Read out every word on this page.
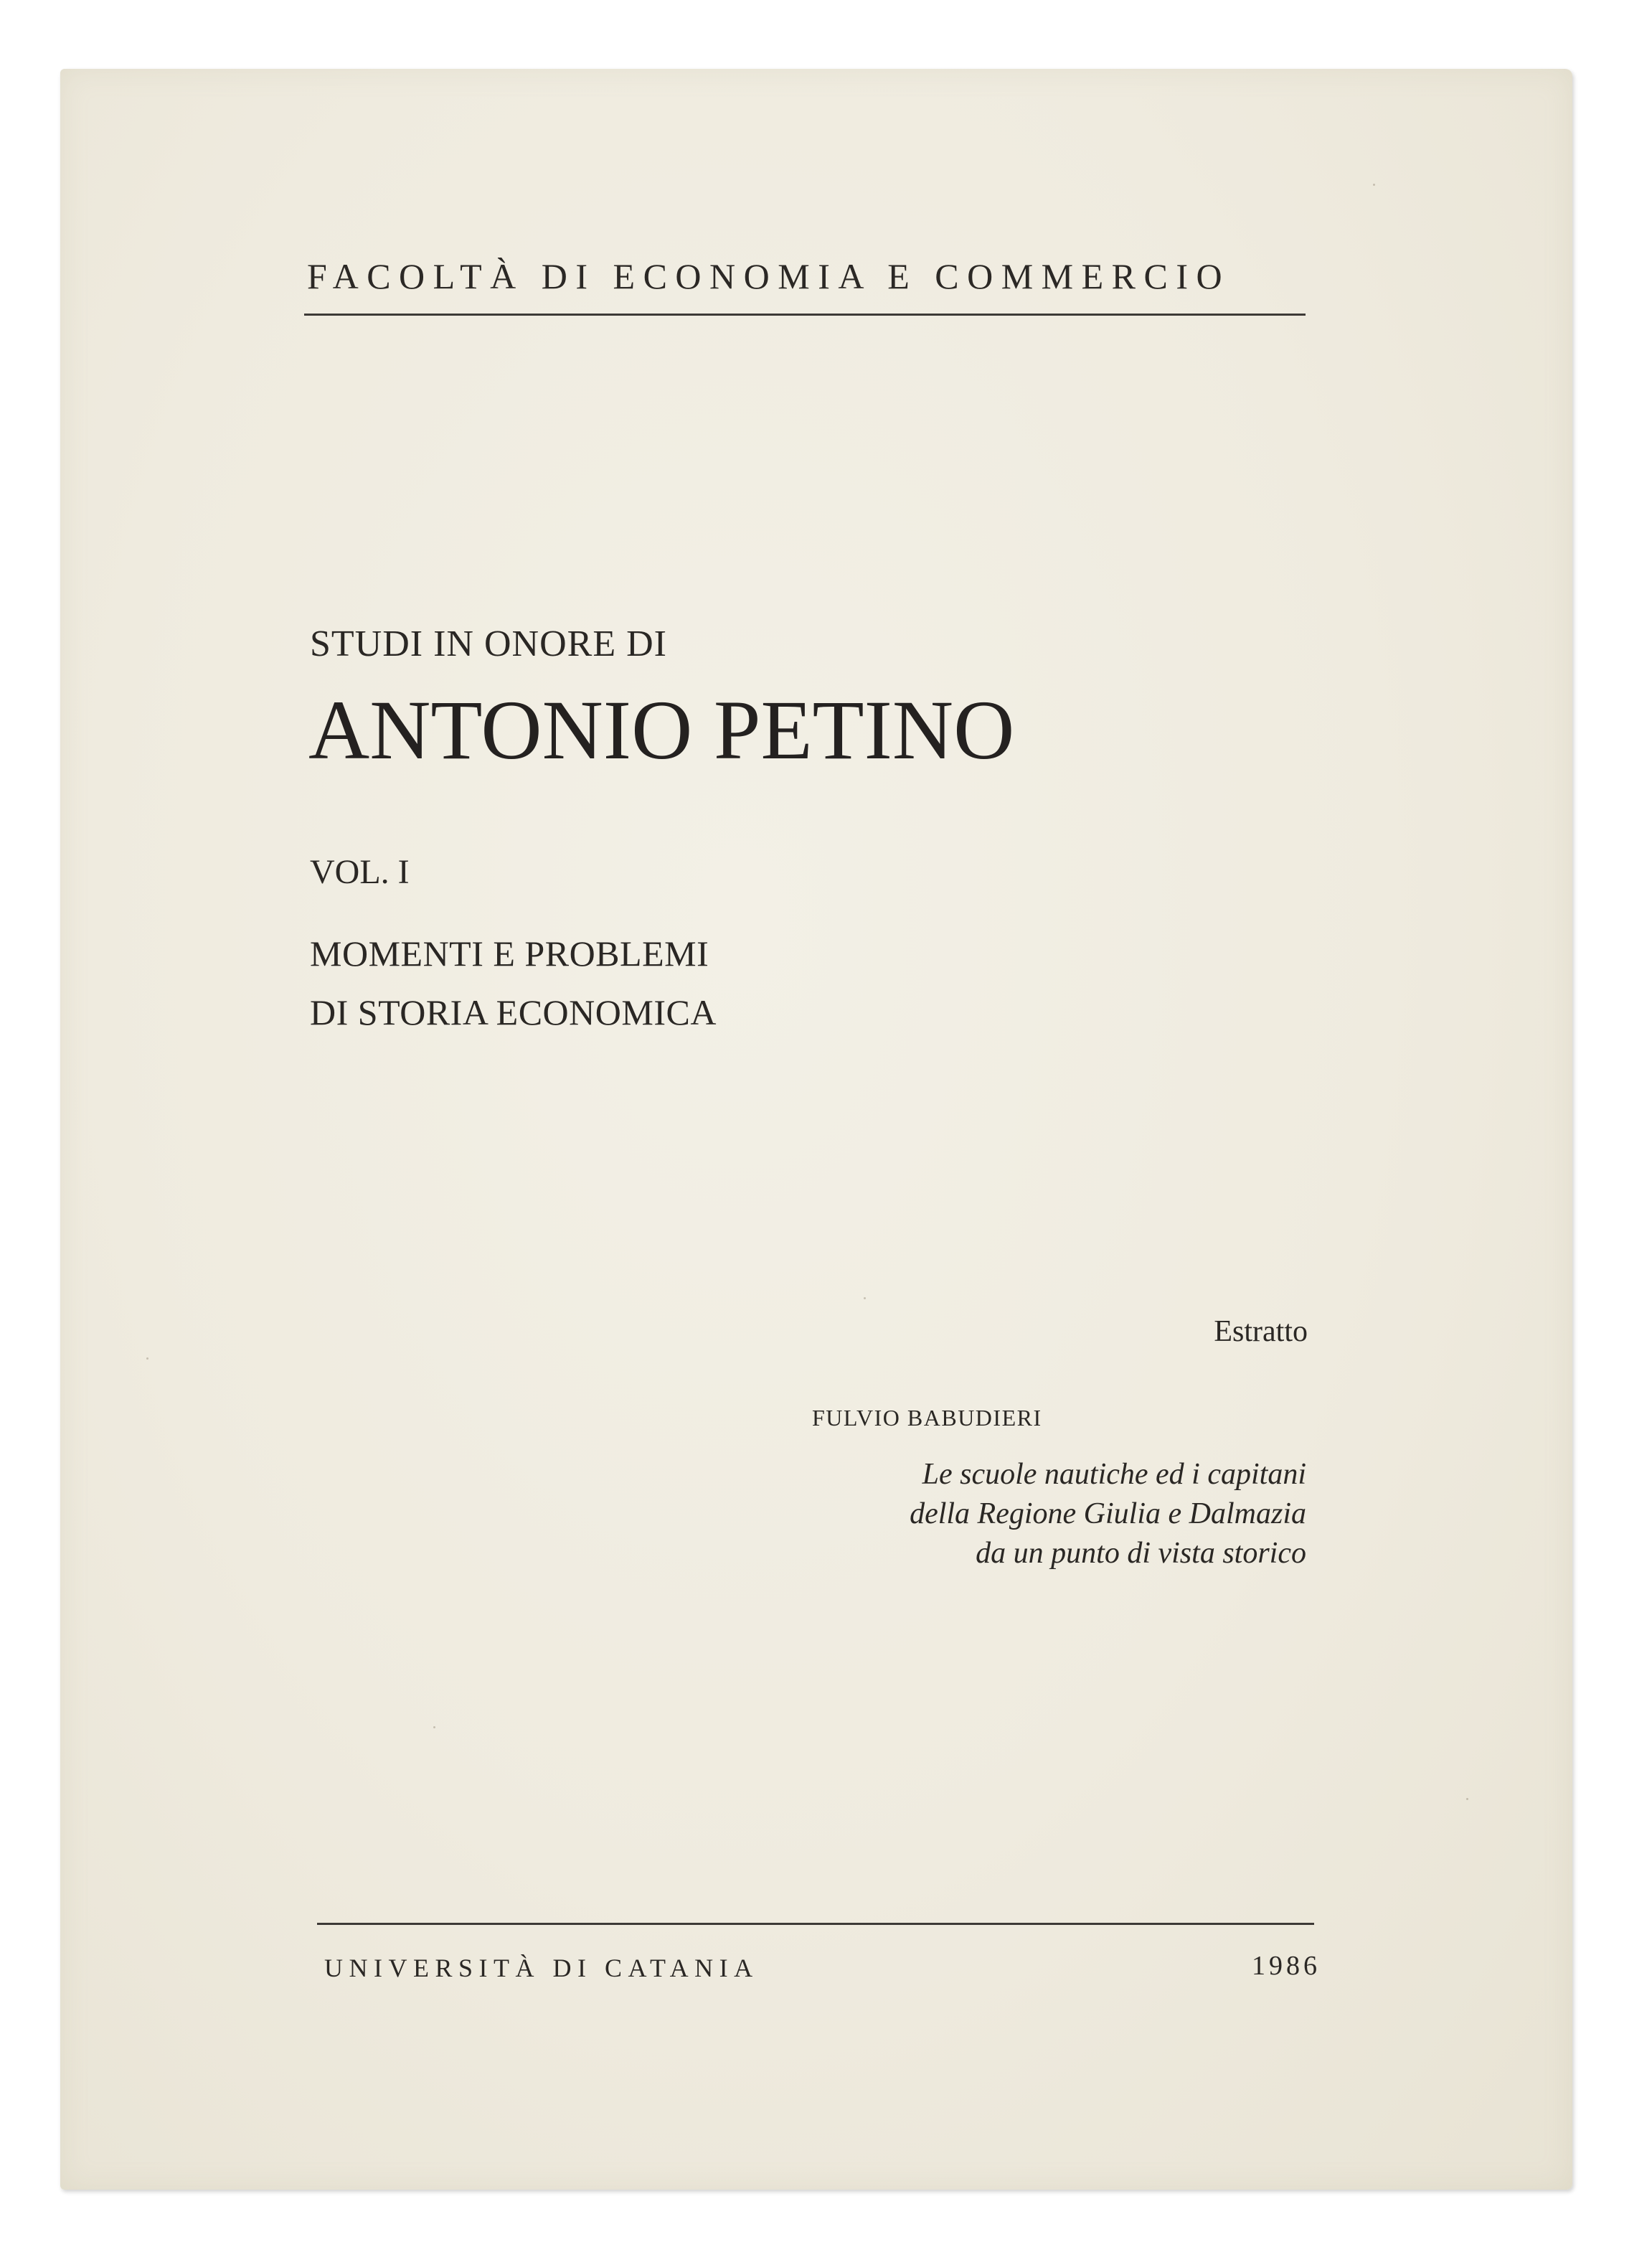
FACOLTÀ DI ECONOMIA E COMMERCIO
STUDI IN ONORE DI
ANTONIO PETINO
VOL. I
MOMENTI E PROBLEMI
DI STORIA ECONOMICA
Estratto
FULVIO BABUDIERI
Le scuole nautiche ed i capitani
della Regione Giulia e Dalmazia
da un punto di vista storico
UNIVERSITÀ DI CATANIA	1986
